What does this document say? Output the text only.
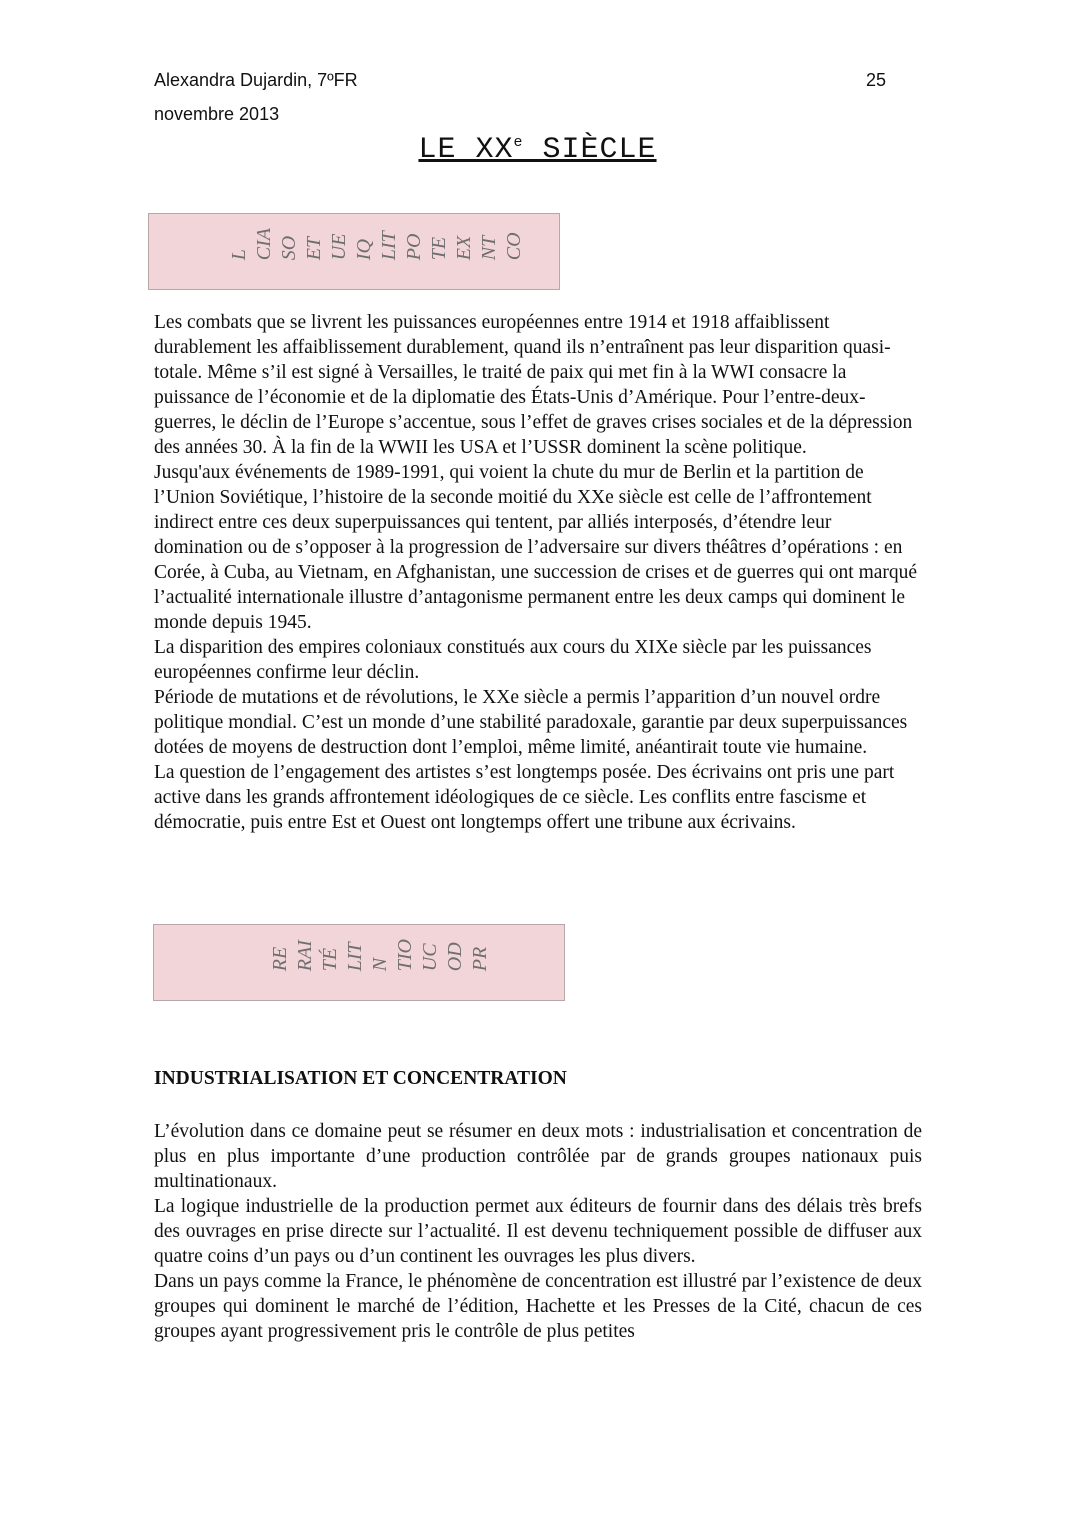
Alexandra Dujardin, 7ºFR	25
novembre 2013
LE XXe SIÈCLE
CO
NT
EX
TE
PO
LIT
IQ
UE
ET
SO
CIA
L

Les combats que se livrent les puissances européennes entre 1914 et 1918 affaiblissent durablement les affaiblissement durablement, quand ils n’entraînent pas leur disparition quasi-totale. Même s’il est signé à Versailles, le traité de paix qui met fin à la WWI consacre la puissance de l’économie et de la diplomatie des États-Unis d’Amérique. Pour l’entre-deux-guerres, le déclin de l’Europe s’accentue, sous l’effet de graves crises sociales et de la dépression des années 30. À la fin de la WWII les USA et l’USSR dominent la scène politique.

Jusqu'aux événements de 1989-1991, qui voient la chute du mur de Berlin et la partition de l’Union Soviétique, l’histoire de la seconde moitié du XXe siècle est celle de l’affrontement indirect entre ces deux superpuissances qui tentent, par alliés interposés, d’étendre leur domination ou de s’opposer à la progression de l’adversaire sur divers théâtres d’opérations : en Corée, à Cuba, au Vietnam, en Afghanistan, une succession de crises et de guerres qui ont marqué l’actualité internationale illustre d’antagonisme permanent entre les deux camps qui dominent le monde depuis 1945.

La disparition des empires coloniaux constitués aux cours du XIXe siècle par les puissances européennes confirme leur déclin.

Période de mutations et de révolutions, le XXe siècle a permis l’apparition d’un nouvel ordre politique mondial. C’est un monde d’une stabilité paradoxale, garantie par deux superpuissances dotées de moyens de destruction dont l’emploi, même limité, anéantirait toute vie humaine.

La question de l’engagement des artistes s’est longtemps posée. Des écrivains ont pris une part active dans les grands affrontement idéologiques de ce siècle. Les conflits entre fascisme et démocratie, puis entre Est et Ouest ont longtemps offert une tribune aux écrivains.

PR
OD
UC
TIO
N
LIT
TÉ
RAI
RE
INDUSTRIALISATION ET CONCENTRATION

L’évolution dans ce domaine peut se résumer en deux mots : industrialisation et concentration de plus en plus importante d’une production contrôlée par de grands groupes nationaux puis multinationaux.

La logique industrielle de la production permet aux éditeurs de fournir dans des délais très brefs des ouvrages en prise directe sur l’actualité. Il est devenu techniquement possible de diffuser aux quatre coins d’un pays ou d’un continent les ouvrages les plus divers.

Dans un pays comme la France, le phénomène de concentration est illustré par l’existence de deux groupes qui dominent le marché de l’édition, Hachette et les Presses de la Cité, chacun de ces groupes ayant progressivement pris le contrôle de plus petites
